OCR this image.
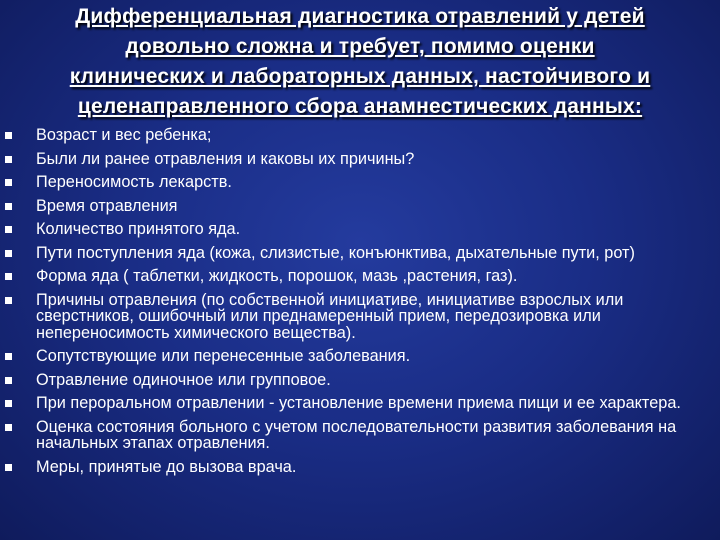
Дифференциальная диагностика отравлений у детей
довольно сложна и требует, помимо оценки
клинических и лабораторных данных, настойчивого и
целенаправленного сбора анамнестических данных:
Возраст и вес ребенка;
Были ли ранее отравления и каковы их причины?
Переносимость лекарств.
Время отравления
Количество принятого яда.
Пути поступления яда (кожа, слизистые, конъюнктива, дыхательные пути, рот)
Форма яда ( таблетки, жидкость, порошок, мазь ,растения, газ).
Причины отравления (по собственной инициативе, инициативе взрослых или сверстников, ошибочный или преднамеренный прием, передозировка или непереносимость химического вещества).
Сопутствующие или перенесенные заболевания.
Отравление одиночное или групповое.
При пероральном отравлении - установление времени приема пищи и ее характера.
Оценка состояния больного с учетом последовательности развития заболевания на начальных этапах отравления.
Меры, принятые до вызова врача.
